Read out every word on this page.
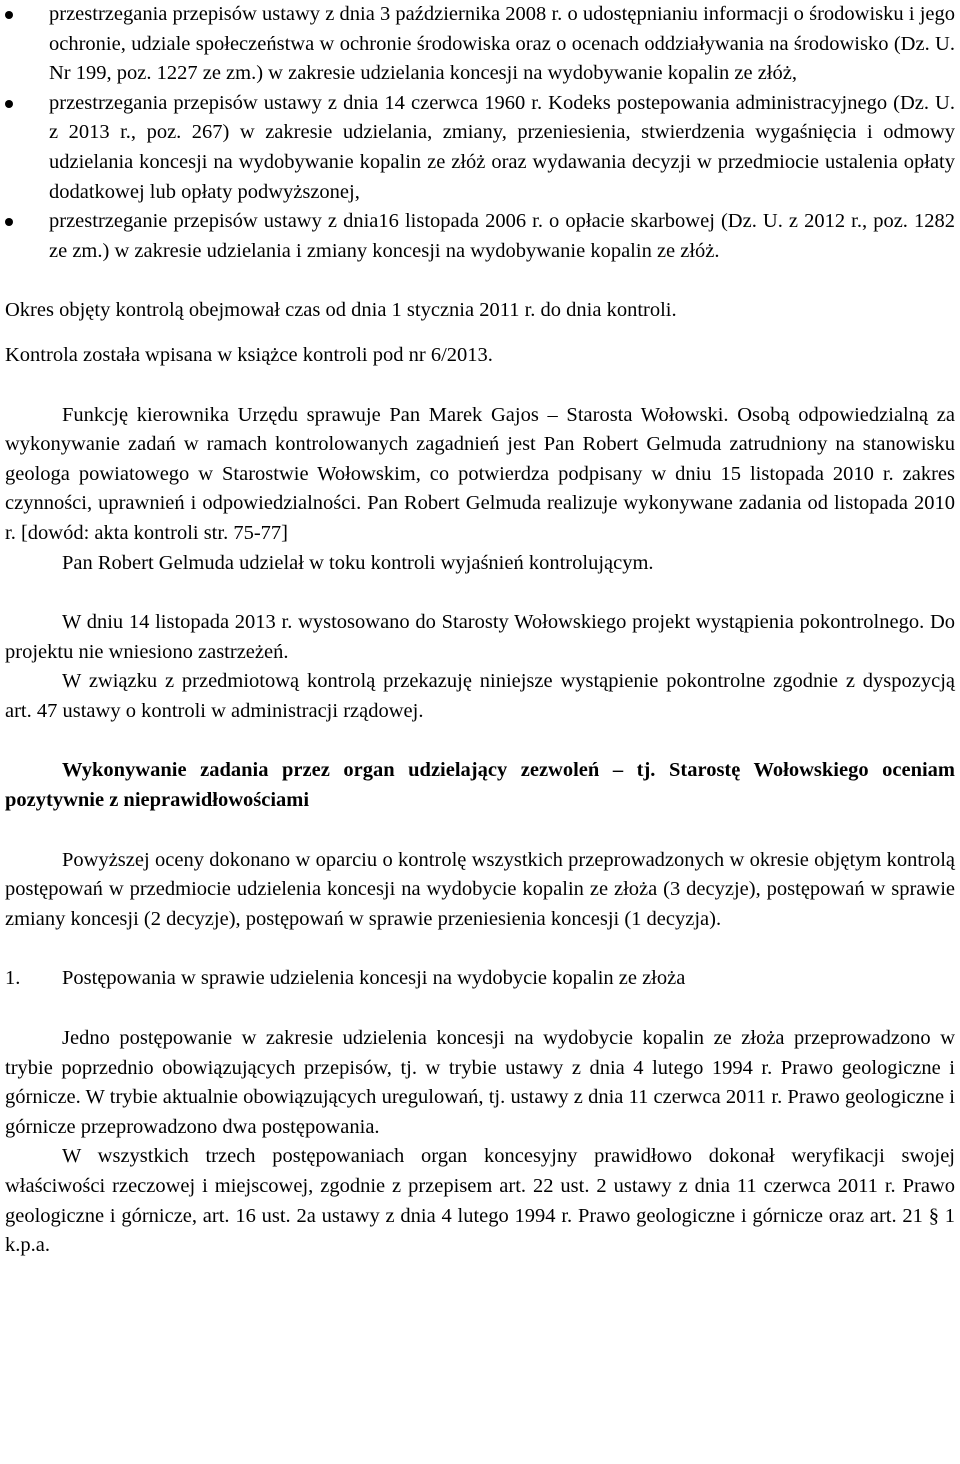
przestrzegania przepisów ustawy z dnia 3 października 2008 r. o udostępnianiu informacji o środowisku i jego ochronie, udziale społeczeństwa w ochronie środowiska oraz o ocenach oddziaływania na środowisko (Dz. U. Nr 199, poz. 1227 ze zm.) w zakresie udzielania koncesji na wydobywanie kopalin ze złóż,
przestrzegania przepisów ustawy z dnia 14 czerwca 1960 r. Kodeks postepowania administracyjnego (Dz. U. z 2013 r., poz. 267) w zakresie udzielania, zmiany, przeniesienia, stwierdzenia wygaśnięcia i odmowy udzielania koncesji na wydobywanie kopalin ze złóż oraz wydawania decyzji w przedmiocie ustalenia opłaty dodatkowej lub opłaty podwyższonej,
przestrzeganie przepisów ustawy z dnia16 listopada 2006 r. o opłacie skarbowej (Dz. U. z 2012 r., poz. 1282 ze zm.) w zakresie udzielania i zmiany koncesji na wydobywanie kopalin ze złóż.

Okres objęty kontrolą obejmował czas od dnia 1 stycznia 2011 r. do dnia kontroli.

Kontrola została wpisana w książce kontroli pod nr 6/2013.

Funkcję kierownika Urzędu sprawuje Pan Marek Gajos – Starosta Wołowski. Osobą odpowiedzialną za wykonywanie zadań w ramach kontrolowanych zagadnień jest Pan Robert Gelmuda zatrudniony na stanowisku geologa powiatowego w Starostwie Wołowskim, co potwierdza podpisany w dniu 15 listopada 2010 r. zakres czynności, uprawnień i odpowiedzialności. Pan Robert Gelmuda realizuje wykonywane zadania od listopada 2010 r. [dowód: akta kontroli str. 75-77]

Pan Robert Gelmuda udzielał w toku kontroli wyjaśnień kontrolującym.

W dniu 14 listopada 2013 r. wystosowano do Starosty Wołowskiego projekt wystąpienia pokontrolnego. Do projektu nie wniesiono zastrzeżeń.

W związku z przedmiotową kontrolą przekazuję niniejsze wystąpienie pokontrolne zgodnie z dyspozycją art. 47 ustawy o kontroli w administracji rządowej.

Wykonywanie zadania przez organ udzielający zezwoleń – tj. Starostę Wołowskiego oceniam pozytywnie z nieprawidłowościami

Powyższej oceny dokonano w oparciu o kontrolę wszystkich przeprowadzonych w okresie objętym kontrolą postępowań w przedmiocie udzielenia koncesji na wydobycie kopalin ze złoża (3 decyzje), postępowań w sprawie zmiany koncesji (2 decyzje), postępowań w sprawie przeniesienia koncesji (1 decyzja).

1.	Postępowania w sprawie udzielenia koncesji na wydobycie kopalin ze złoża

Jedno postępowanie w zakresie udzielenia koncesji na wydobycie kopalin ze złoża przeprowadzono w trybie poprzednio obowiązujących przepisów, tj. w trybie ustawy z dnia 4 lutego 1994 r. Prawo geologiczne i górnicze. W trybie aktualnie obowiązujących uregulowań, tj. ustawy z dnia 11 czerwca 2011 r. Prawo geologiczne i górnicze przeprowadzono dwa postępowania.

W wszystkich trzech postępowaniach organ koncesyjny prawidłowo dokonał weryfikacji swojej właściwości rzeczowej i miejscowej, zgodnie z przepisem art. 22 ust. 2 ustawy z dnia 11 czerwca 2011 r. Prawo geologiczne i górnicze, art. 16 ust. 2a ustawy z dnia 4 lutego 1994 r. Prawo geologiczne i górnicze oraz art. 21 § 1 k.p.a.
